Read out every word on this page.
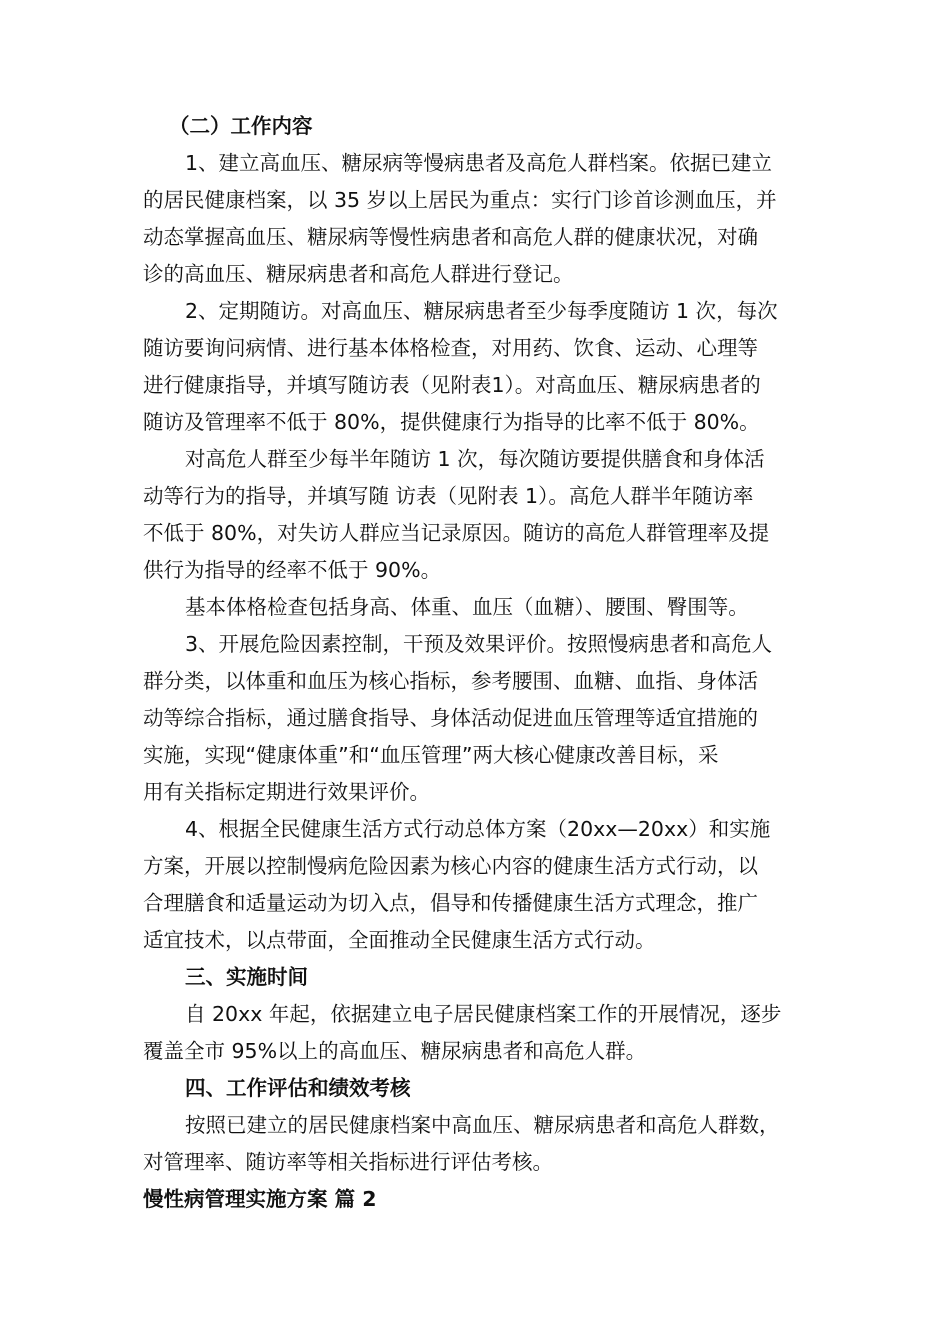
（二）工作内容
1、建立高血压、糖尿病等慢病患者及高危人群档案。依据已建立
的居民健康档案，以 35 岁以上居民为重点：实行门诊首诊测血压，并
动态掌握高血压、糖尿病等慢性病患者和高危人群的健康状况，对确
诊的高血压、糖尿病患者和高危人群进行登记。
2、定期随访。对高血压、糖尿病患者至少每季度随访 1 次，每次
随访要询问病情、进行基本体格检查，对用药、饮食、运动、心理等
进行健康指导，并填写随访表（见附表1）。对高血压、糖尿病患者的
随访及管理率不低于 80%，提供健康行为指导的比率不低于 80%。
对高危人群至少每半年随访 1 次，每次随访要提供膳食和身体活
动等行为的指导，并填写随 访表（见附表 1）。高危人群半年随访率
不低于 80%，对失访人群应当记录原因。随访的高危人群管理率及提
供行为指导的经率不低于 90%。
基本体格检查包括身高、体重、血压（血糖）、腰围、臀围等。
3、开展危险因素控制，干预及效果评价。按照慢病患者和高危人
群分类，以体重和血压为核心指标，参考腰围、血糖、血指、身体活
动等综合指标，通过膳食指导、身体活动促进血压管理等适宜措施的
实施，实现“健康体重”和“血压管理”两大核心健康改善目标，采
用有关指标定期进行效果评价。
4、根据全民健康生活方式行动总体方案（20xx—20xx）和实施
方案，开展以控制慢病危险因素为核心内容的健康生活方式行动，以
合理膳食和适量运动为切入点，倡导和传播健康生活方式理念，推广
适宜技术，以点带面，全面推动全民健康生活方式行动。
三、实施时间
自 20xx 年起，依据建立电子居民健康档案工作的开展情况，逐步
覆盖全市 95%以上的高血压、糖尿病患者和高危人群。
四、工作评估和绩效考核
按照已建立的居民健康档案中高血压、糖尿病患者和高危人群数，
对管理率、随访率等相关指标进行评估考核。
慢性病管理实施方案 篇 2
